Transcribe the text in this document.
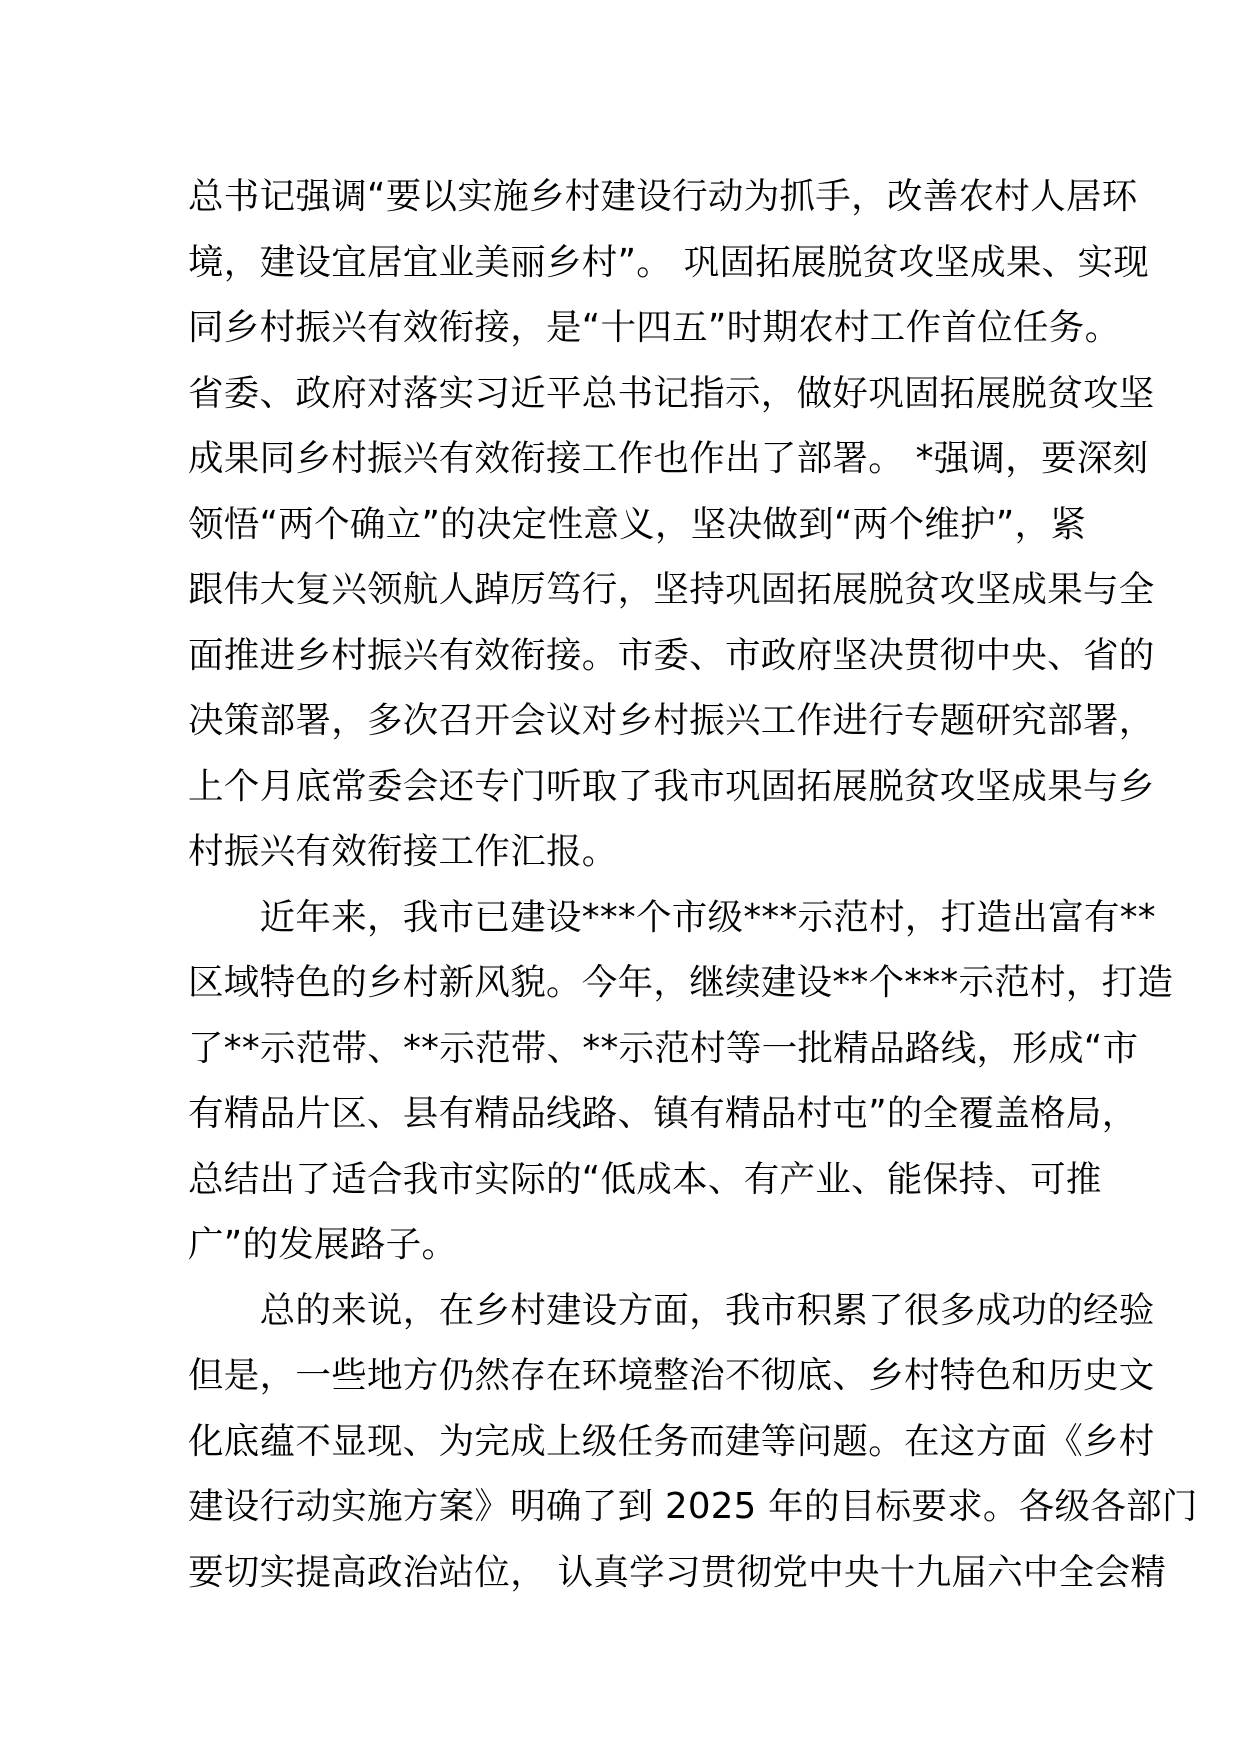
总书记强调“要以实施乡村建设行动为抓手，改善农村人居环
境，建设宜居宜业美丽乡村”。 巩固拓展脱贫攻坚成果、实现
同乡村振兴有效衔接，是“十四五”时期农村工作首位任务。
省委、政府对落实习近平总书记指示，做好巩固拓展脱贫攻坚
成果同乡村振兴有效衔接工作也作出了部署。 *强调，要深刻
领悟“两个确立”的决定性意义，坚决做到“两个维护”，紧
跟伟大复兴领航人踔厉笃行，坚持巩固拓展脱贫攻坚成果与全
面推进乡村振兴有效衔接。市委、市政府坚决贯彻中央、省的
决策部署，多次召开会议对乡村振兴工作进行专题研究部署，
上个月底常委会还专门听取了我市巩固拓展脱贫攻坚成果与乡
村振兴有效衔接工作汇报。
　　近年来，我市已建设***个市级***示范村，打造出富有**
区域特色的乡村新风貌。今年，继续建设**个***示范村，打造
了**示范带、**示范带、**示范村等一批精品路线，形成“市
有精品片区、县有精品线路、镇有精品村屯”的全覆盖格局，
总结出了适合我市实际的“低成本、有产业、能保持、可推
广”的发展路子。
　　总的来说，在乡村建设方面，我市积累了很多成功的经验
但是，一些地方仍然存在环境整治不彻底、乡村特色和历史文
化底蕴不显现、为完成上级任务而建等问题。在这方面《乡村
建设行动实施方案》明确了到 2025 年的目标要求。各级各部门
要切实提高政治站位， 认真学习贯彻党中央十九届六中全会精
